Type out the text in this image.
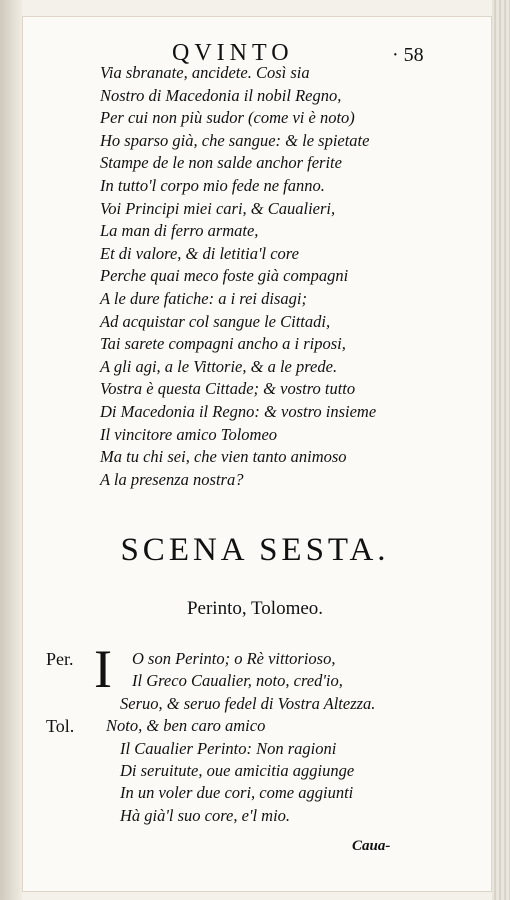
QVINTO	· 58
Via sbranate, ancidete. Così sia
Nostro di Macedonia il nobil Regno,
Per cui non più sudor (come vi è noto)
Ho sparso già, che sangue: & le spietate
Stampe de le non salde anchor ferite
In tutto'l corpo mio fede ne fanno.
Voi Principi miei cari, & Caualieri,
La man di ferro armate,
Et di valore, & di letitia'l core
Perche quai meco foste già compagni
A le dure fatiche: a i rei disagi;
Ad acquistar col sangue le Cittadi,
Tai sarete compagni ancho a i riposi,
A gli agi, a le Vittorie, & a le prede.
Vostra è questa Cittade; & vostro tutto
Di Macedonia il Regno: & vostro insieme
Il vincitore amico Tolomeo
Ma tu chi sei, che vien tanto animoso
A la presenza nostra?
SCENA SESTA.
Perinto, Tolomeo.
Per. I O son Perinto; o Rè vittorioso,
Il Greco Caualier, noto, cred'io,
Seruo, & seruo fedel di Vostra Altezza.
Tol. Noto, & ben caro amico
Il Caualier Perinto: Non ragioni
Di seruitute, oue amicitia aggiunge
In un voler due cori, come aggiunti
Hà già'l suo core, e'l mio.
Caua-
